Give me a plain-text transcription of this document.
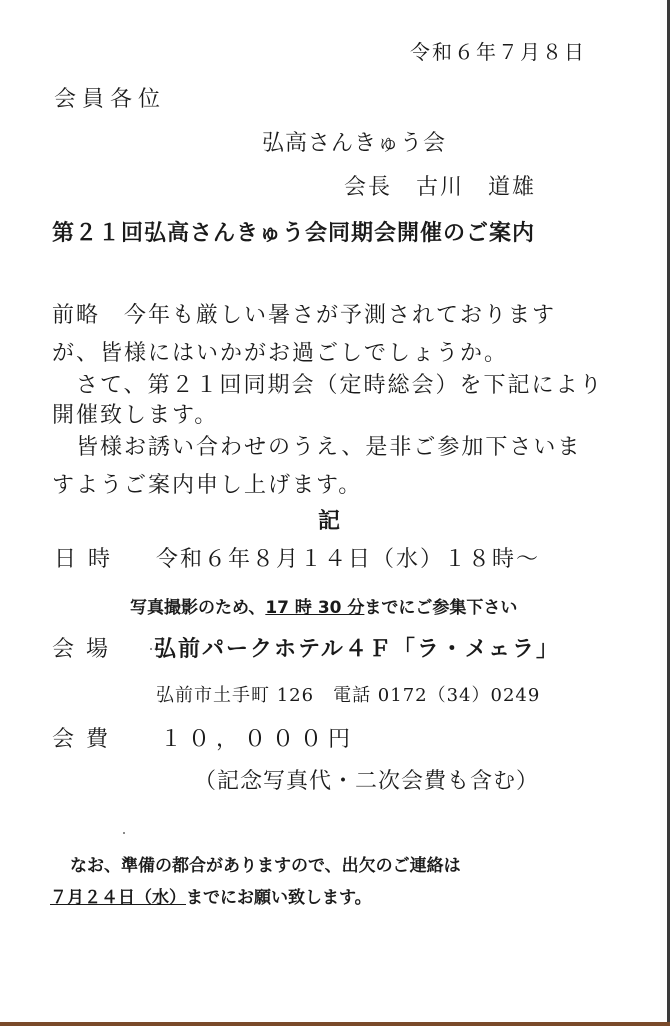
令和６年７月８日
会員各位
弘高さんきゅう会
会長　古川　道雄
第２１回弘高さんきゅう会同期会開催のご案内
前略　今年も厳しい暑さが予測されております
が、皆様にはいかがお過ごしでしょうか。
　さて、第２１回同期会（定時総会）を下記により
開催致します。
　皆様お誘い合わせのうえ、是非ご参加下さいま
すようご案内申し上げます。
記
日時 令和６年８月１４日（水）１８時～
写真撮影のため、17 時 30 分までにご参集下さい
会場 弘前パークホテル４Ｆ「ラ・メェラ」
弘前市土手町 126　電話 0172（34）0249
会費 １０，０００円
（記念写真代・二次会費も含む）
なお、準備の都合がありますので、出欠のご連絡は
７月２４日（水）までにお願い致します。
